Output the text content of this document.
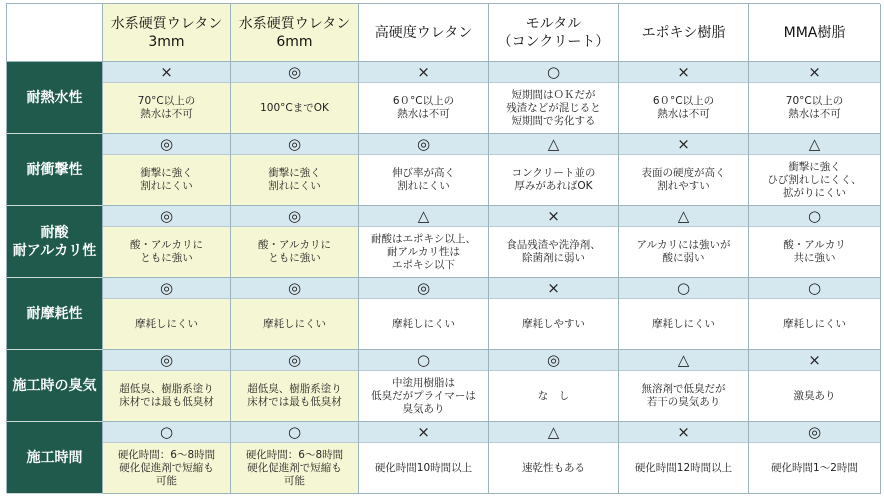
水系硬質ウレタン
3mm
水系硬質ウレタン
6mm
高硬度ウレタン
モルタル
（コンクリート）
エポキシ樹脂	MMA樹脂
耐熱水性
×
70°C以上の
熱水は不可
◎
100°CまでOK
×
6０°C以上の
熱水は不可
○
短期間はＯＫだが
残渣などが混じると
短期間で劣化する
×
6０°C以上の
熱水は不可
×
70°C以上の
熱水は不可
耐衝撃性
◎
衝撃に強く
割れにくい
◎
衝撃に強く
割れにくい
◎
伸び率が高く
割れにくい
△
コンクリート並の
厚みがあればOK
×
表面の硬度が高く
割れやすい
△
衝撃に強く
ひび割れしにくく、
拡がりにくい
耐酸
耐アルカリ性
◎
酸・アルカリに
ともに強い
◎
酸・アルカリに
ともに強い
△
耐酸はエポキシ以上、
耐アルカリ性は
エポキシ以下
×
食品残渣や洗浄剤、
除菌剤に弱い
△
アルカリには強いが
酸に弱い
○
酸・アルカリ
共に強い
耐摩耗性
◎
摩耗しにくい
◎
摩耗しにくい
◎
摩耗しにくい
×
摩耗しやすい
○
摩耗しにくい
○
摩耗しにくい
施工時の臭気
◎
超低臭、樹脂系塗り
床材では最も低臭材
◎
超低臭、樹脂系塗り
床材では最も低臭材
○
中塗用樹脂は
低臭だがプライマーは
臭気あり
◎
な　し
△
無溶剤で低臭だが
若干の臭気あり
×
激臭あり
施工時間
○
硬化時間：6～8時間
硬化促進剤で短縮も
可能
○
硬化時間：6～8時間
硬化促進剤で短縮も
可能
×
硬化時間10時間以上
△
速乾性もある
×
硬化時間12時間以上
◎
硬化時間1～2時間
